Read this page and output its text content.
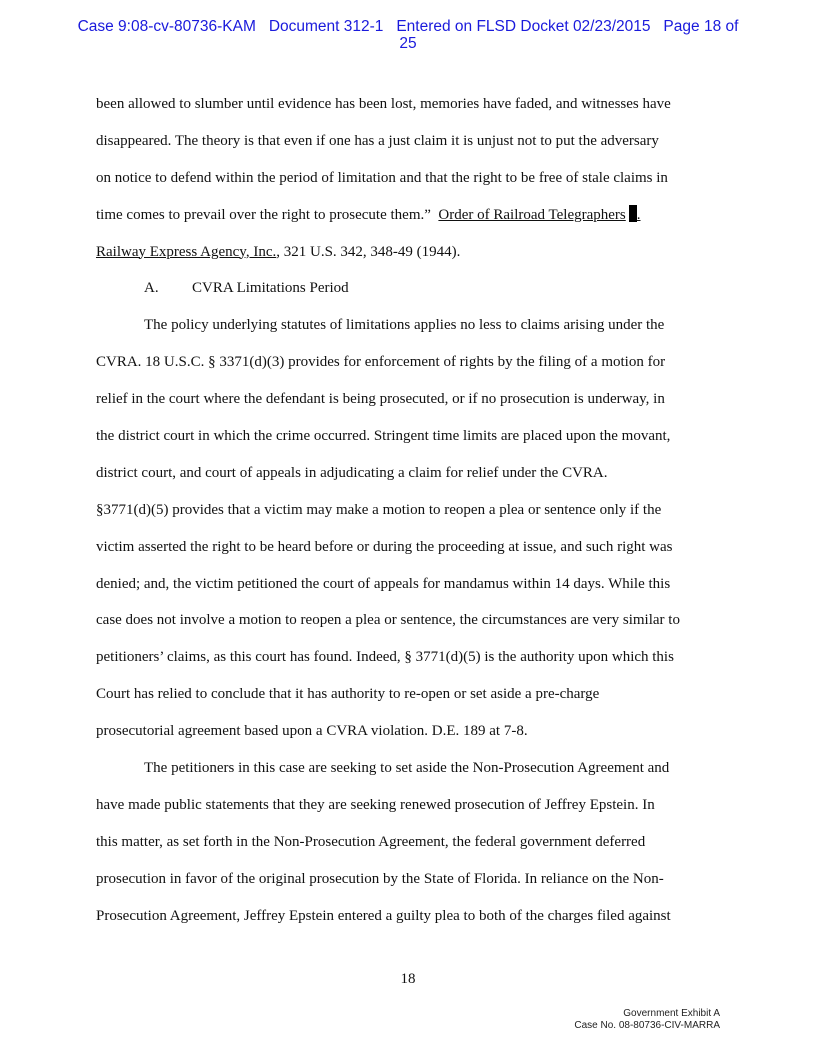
Case 9:08-cv-80736-KAM   Document 312-1   Entered on FLSD Docket 02/23/2015   Page 18 of
25
been allowed to slumber until evidence has been lost, memories have faded, and witnesses have
disappeared. The theory is that even if one has a just claim it is unjust not to put the adversary
on notice to defend within the period of limitation and that the right to be free of stale claims in
time comes to prevail over the right to prosecute them.”  Order of Railroad Telegraphers .
Railway Express Agency, Inc., 321 U.S. 342, 348-49 (1944).
A. CVRA Limitations Period
The policy underlying statutes of limitations applies no less to claims arising under the
CVRA. 18 U.S.C. § 3371(d)(3) provides for enforcement of rights by the filing of a motion for
relief in the court where the defendant is being prosecuted, or if no prosecution is underway, in
the district court in which the crime occurred. Stringent time limits are placed upon the movant,
district court, and court of appeals in adjudicating a claim for relief under the CVRA.
§3771(d)(5) provides that a victim may make a motion to reopen a plea or sentence only if the
victim asserted the right to be heard before or during the proceeding at issue, and such right was
denied; and, the victim petitioned the court of appeals for mandamus within 14 days. While this
case does not involve a motion to reopen a plea or sentence, the circumstances are very similar to
petitioners’ claims, as this court has found. Indeed, § 3771(d)(5) is the authority upon which this
Court has relied to conclude that it has authority to re-open or set aside a pre-charge
prosecutorial agreement based upon a CVRA violation. D.E. 189 at 7-8.
The petitioners in this case are seeking to set aside the Non-Prosecution Agreement and
have made public statements that they are seeking renewed prosecution of Jeffrey Epstein. In
this matter, as set forth in the Non-Prosecution Agreement, the federal government deferred
prosecution in favor of the original prosecution by the State of Florida. In reliance on the Non-
Prosecution Agreement, Jeffrey Epstein entered a guilty plea to both of the charges filed against
18
Government Exhibit A
Case No. 08-80736-CIV-MARRA
